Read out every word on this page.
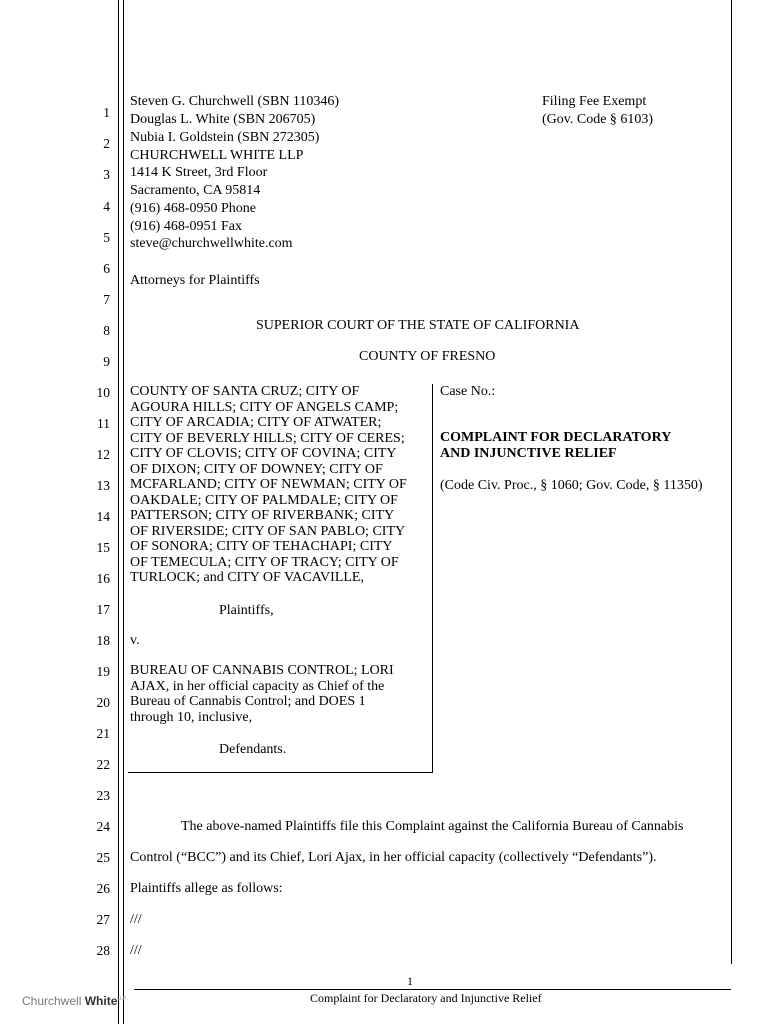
1
2
3
4
5
6
7
8
9
10
11
12
13
14
15
16
17
18
19
20
21
22
23
24
25
26
27
28
Steven G. Churchwell (SBN 110346)
Douglas L. White (SBN 206705)
Nubia I. Goldstein (SBN 272305)
CHURCHWELL WHITE LLP
1414 K Street, 3rd Floor
Sacramento, CA 95814
(916) 468-0950 Phone
(916) 468-0951 Fax
steve@churchwellwhite.com
Attorneys for Plaintiffs
Filing Fee Exempt
(Gov. Code § 6103)
SUPERIOR COURT OF THE STATE OF CALIFORNIA
COUNTY OF FRESNO
COUNTY OF SANTA CRUZ; CITY OF
AGOURA HILLS; CITY OF ANGELS CAMP;
CITY OF ARCADIA; CITY OF ATWATER;
CITY OF BEVERLY HILLS; CITY OF CERES;
CITY OF CLOVIS; CITY OF COVINA; CITY
OF DIXON; CITY OF DOWNEY; CITY OF
MCFARLAND; CITY OF NEWMAN; CITY OF
OAKDALE; CITY OF PALMDALE; CITY OF
PATTERSON; CITY OF RIVERBANK; CITY
OF RIVERSIDE; CITY OF SAN PABLO; CITY
OF SONORA; CITY OF TEHACHAPI; CITY
OF TEMECULA; CITY OF TRACY; CITY OF
TURLOCK; and CITY OF VACAVILLE,
Plaintiffs,
v.
BUREAU OF CANNABIS CONTROL; LORI
AJAX, in her official capacity as Chief of the
Bureau of Cannabis Control; and DOES 1
through 10, inclusive,
Defendants.
Case No.:
COMPLAINT FOR DECLARATORY
AND INJUNCTIVE RELIEF
(Code Civ. Proc., § 1060; Gov. Code, § 11350)
The above-named Plaintiffs file this Complaint against the California Bureau of Cannabis
Control (“BCC”) and its Chief, Lori Ajax, in her official capacity (collectively “Defendants”).
Plaintiffs allege as follows:
///
///
1
Complaint for Declaratory and Injunctive Relief
Churchwell White$^{LLP}$
